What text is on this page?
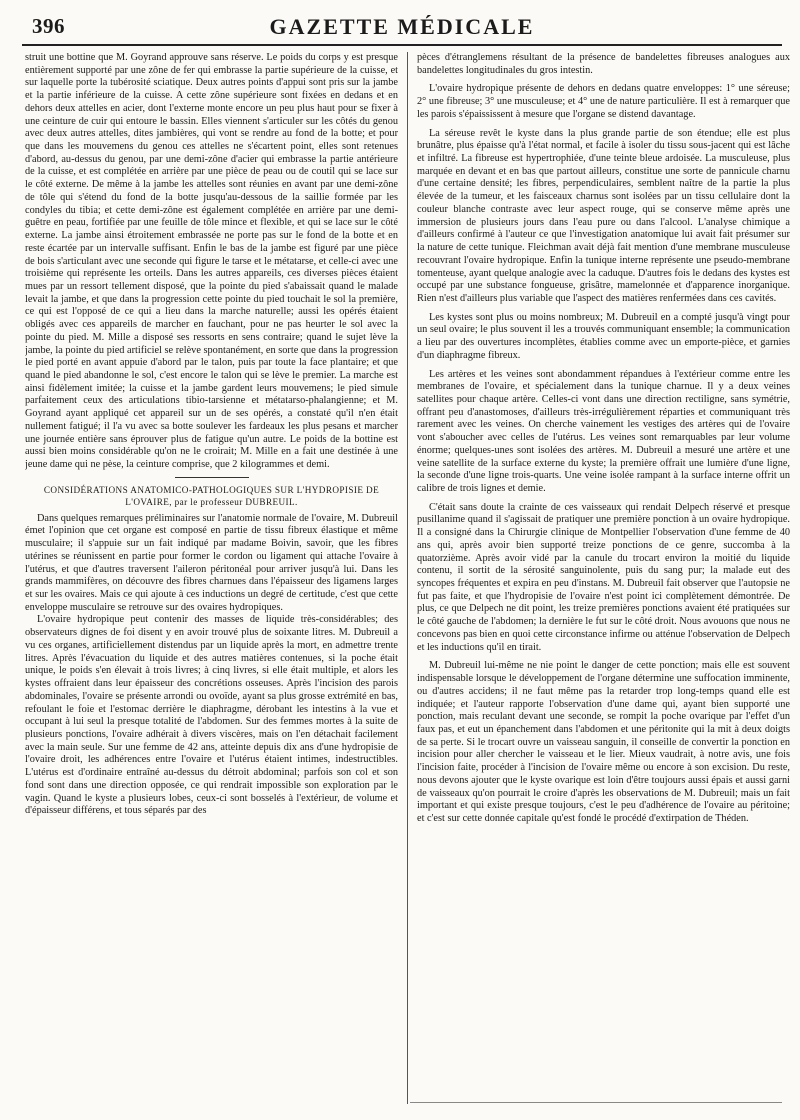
396	GAZETTE MÉDICALE

struit une bottine que M. Goyrand approuve sans réserve. Le poids du corps y est presque entièrement supporté par une zône de fer qui embrasse la partie supérieure de la cuisse, et sur laquelle porte la tubérosité sciatique. Deux autres points d'appui sont pris sur la jambe et la partie inférieure de la cuisse. A cette zône supérieure sont fixées en dedans et en dehors deux attelles en acier, dont l'externe monte encore un peu plus haut pour se fixer à une ceinture de cuir qui entoure le bassin. Elles viennent s'articuler sur les côtés du genou avec deux autres attelles, dites jambières, qui vont se rendre au fond de la botte; et pour que dans les mouvemens du genou ces attelles ne s'écartent point, elles sont retenues d'abord, au-dessus du genou, par une demi-zône d'acier qui embrasse la partie antérieure de la cuisse, et est complétée en arrière par une pièce de peau ou de coutil qui se lace sur le côté externe. De même à la jambe les attelles sont réunies en avant par une demi-zône de tôle qui s'étend du fond de la botte jusqu'au-dessous de la saillie formée par les condyles du tibia; et cette demi-zône est également complétée en arrière par une demi-guêtre en peau, fortifiée par une feuille de tôle mince et flexible, et qui se lace sur le côté externe. La jambe ainsi étroitement embrassée ne porte pas sur le fond de la botte et en reste écartée par un intervalle suffisant. Enfin le bas de la jambe est figuré par une pièce de bois s'articulant avec une seconde qui figure le tarse et le métatarse, et celle-ci avec une troisième qui représente les orteils. Dans les autres appareils, ces diverses pièces étaient mues par un ressort tellement disposé, que la pointe du pied s'abaissait quand le malade levait la jambe, et que dans la progression cette pointe du pied touchait le sol la première, ce qui est l'opposé de ce qui a lieu dans la marche naturelle; aussi les opérés étaient obligés avec ces appareils de marcher en fauchant, pour ne pas heurter le sol avec la pointe du pied. M. Mille a disposé ses ressorts en sens contraire; quand le sujet lève la jambe, la pointe du pied artificiel se relève spontanément, en sorte que dans la progression le pied porté en avant appuie d'abord par le talon, puis par toute la face plantaire; et que quand le pied abandonne le sol, c'est encore le talon qui se lève le premier. La marche est ainsi fidèlement imitée; la cuisse et la jambe gardent leurs mouvemens; le pied simule parfaitement ceux des articulations tibio-tarsienne et métatarso-phalangienne; et M. Goyrand ayant appliqué cet appareil sur un de ses opérés, a constaté qu'il n'en était nullement fatigué; il l'a vu avec sa botte soulever les fardeaux les plus pesans et marcher une journée entière sans éprouver plus de fatigue qu'un autre. Le poids de la bottine est aussi bien moins considérable qu'on ne le croirait; M. Mille en a fait une destinée à une jeune dame qui ne pèse, la ceinture comprise, que 2 kilogrammes et demi.

CONSIDÉRATIONS ANATOMICO-PATHOLOGIQUES SUR L'HYDROPISIE DE L'OVAIRE, par le professeur DUBREUIL.

Dans quelques remarques préliminaires sur l'anatomie normale de l'ovaire, M. Dubreuil émet l'opinion que cet organe est composé en partie de tissu fibreux élastique et même musculaire; il s'appuie sur un fait indiqué par madame Boivin, savoir, que les fibres utérines se réunissent en partie pour former le cordon ou ligament qui attache l'ovaire à l'utérus, et que d'autres traversent l'aileron péritonéal pour arriver jusqu'à lui. Dans les grands mammifères, on découvre des fibres charnues dans l'épaisseur des ligamens larges et sur les ovaires. Mais ce qui ajoute à ces inductions un degré de certitude, c'est que cette enveloppe musculaire se retrouve sur des ovaires hydropiques.

L'ovaire hydropique peut contenir des masses de liquide très-considérables; des observateurs dignes de foi disent y en avoir trouvé plus de soixante litres. M. Dubreuil a vu ces organes, artificiellement distendus par un liquide après la mort, en admettre trente litres. Après l'évacuation du liquide et des autres matières contenues, si la poche était unique, le poids s'en élevait à trois livres; à cinq livres, si elle était multiple, et alors les kystes offraient dans leur épaisseur des concrétions osseuses. Après l'incision des parois abdominales, l'ovaire se présente arrondi ou ovoïde, ayant sa plus grosse extrémité en bas, refoulant le foie et l'estomac derrière le diaphragme, dérobant les intestins à la vue et occupant à lui seul la presque totalité de l'abdomen. Sur des femmes mortes à la suite de plusieurs ponctions, l'ovaire adhérait à divers viscères, mais on l'en détachait facilement avec la main seule. Sur une femme de 42 ans, atteinte depuis dix ans d'une hydropisie de l'ovaire droit, les adhérences entre l'ovaire et l'utérus étaient intimes, indestructibles. L'utérus est d'ordinaire entraîné au-dessus du détroit abdominal; parfois son col et son fond sont dans une direction opposée, ce qui rendrait impossible son exploration par le vagin. Quand le kyste a plusieurs lobes, ceux-ci sont bosselés à l'extérieur, de volume et d'épaisseur différens, et tous séparés par des

pèces d'étranglemens résultant de la présence de bandelettes fibreuses analogues aux bandelettes longitudinales du gros intestin.

L'ovaire hydropique présente de dehors en dedans quatre enveloppes: 1° une séreuse; 2° une fibreuse; 3° une musculeuse; et 4° une de nature particulière. Il est à remarquer que les parois s'épaississent à mesure que l'organe se distend davantage.

La séreuse revêt le kyste dans la plus grande partie de son étendue; elle est plus brunâtre, plus épaisse qu'à l'état normal, et facile à isoler du tissu sous-jacent qui est lâche et infiltré. La fibreuse est hypertrophiée, d'une teinte bleue ardoisée. La musculeuse, plus marquée en devant et en bas que partout ailleurs, constitue une sorte de pannicule charnu d'une certaine densité; les fibres, perpendiculaires, semblent naître de la partie la plus élevée de la tumeur, et les faisceaux charnus sont isolées par un tissu cellulaire dont la couleur blanche contraste avec leur aspect rouge, qui se conserve même après une immersion de plusieurs jours dans l'eau pure ou dans l'alcool. L'analyse chimique a d'ailleurs confirmé à l'auteur ce que l'investigation anatomique lui avait fait présumer sur la nature de cette tunique. Fleichman avait déjà fait mention d'une membrane musculeuse recouvrant l'ovaire hydropique. Enfin la tunique interne représente une pseudo-membrane tomenteuse, ayant quelque analogie avec la caduque. D'autres fois le dedans des kystes est occupé par une substance fongueuse, grisâtre, mamelonnée et d'apparence inorganique. Rien n'est d'ailleurs plus variable que l'aspect des matières renfermées dans ces cavités.

Les kystes sont plus ou moins nombreux; M. Dubreuil en a compté jusqu'à vingt pour un seul ovaire; le plus souvent il les a trouvés communiquant ensemble; la communication a lieu par des ouvertures incomplètes, établies comme avec un emporte-pièce, et garnies d'un diaphragme fibreux.

Les artères et les veines sont abondamment répandues à l'extérieur comme entre les membranes de l'ovaire, et spécialement dans la tunique charnue. Il y a deux veines satellites pour chaque artère. Celles-ci vont dans une direction rectiligne, sans symétrie, offrant peu d'anastomoses, d'ailleurs très-irrégulièrement réparties et communiquant très rarement avec les veines. On cherche vainement les vestiges des artères qui de l'ovaire vont s'aboucher avec celles de l'utérus. Les veines sont remarquables par leur volume énorme; quelques-unes sont isolées des artères. M. Dubreuil a mesuré une artère et une veine satellite de la surface externe du kyste; la première offrait une lumière d'une ligne, la seconde d'une ligne trois-quarts. Une veine isolée rampant à la surface interne offrit un calibre de trois lignes et demie.

C'était sans doute la crainte de ces vaisseaux qui rendait Delpech réservé et presque pusillanime quand il s'agissait de pratiquer une première ponction à un ovaire hydropique. Il a consigné dans la Chirurgie clinique de Montpellier l'observation d'une femme de 40 ans qui, après avoir bien supporté treize ponctions de ce genre, succomba à la quatorzième. Après avoir vidé par la canule du trocart environ la moitié du liquide contenu, il sortit de la sérosité sanguinolente, puis du sang pur; la malade eut des syncopes fréquentes et expira en peu d'instans. M. Dubreuil fait observer que l'autopsie ne fut pas faite, et que l'hydropisie de l'ovaire n'est point ici complètement démontrée. De plus, ce que Delpech ne dit point, les treize premières ponctions avaient été pratiquées sur le côté gauche de l'abdomen; la dernière le fut sur le côté droit. Nous avouons que nous ne concevons pas bien en quoi cette circonstance infirme ou atténue l'observation de Delpech et les inductions qu'il en tirait.

M. Dubreuil lui-même ne nie point le danger de cette ponction; mais elle est souvent indispensable lorsque le développement de l'organe détermine une suffocation imminente, ou d'autres accidens; il ne faut même pas la retarder trop long-temps quand elle est indiquée; et l'auteur rapporte l'observation d'une dame qui, ayant bien supporté une ponction, mais reculant devant une seconde, se rompit la poche ovarique par l'effet d'un faux pas, et eut un épanchement dans l'abdomen et une péritonite qui la mit à deux doigts de sa perte. Si le trocart ouvre un vaisseau sanguin, il conseille de convertir la ponction en incision pour aller chercher le vaisseau et le lier. Mieux vaudrait, à notre avis, une fois l'incision faite, procéder à l'incision de l'ovaire même ou encore à son excision. Du reste, nous devons ajouter que le kyste ovarique est loin d'être toujours aussi épais et aussi garni de vaisseaux qu'on pourrait le croire d'après les observations de M. Dubreuil; mais un fait important et qui existe presque toujours, c'est le peu d'adhérence de l'ovaire au péritoine; et c'est sur cette donnée capitale qu'est fondé le procédé d'extirpation de Théden.
